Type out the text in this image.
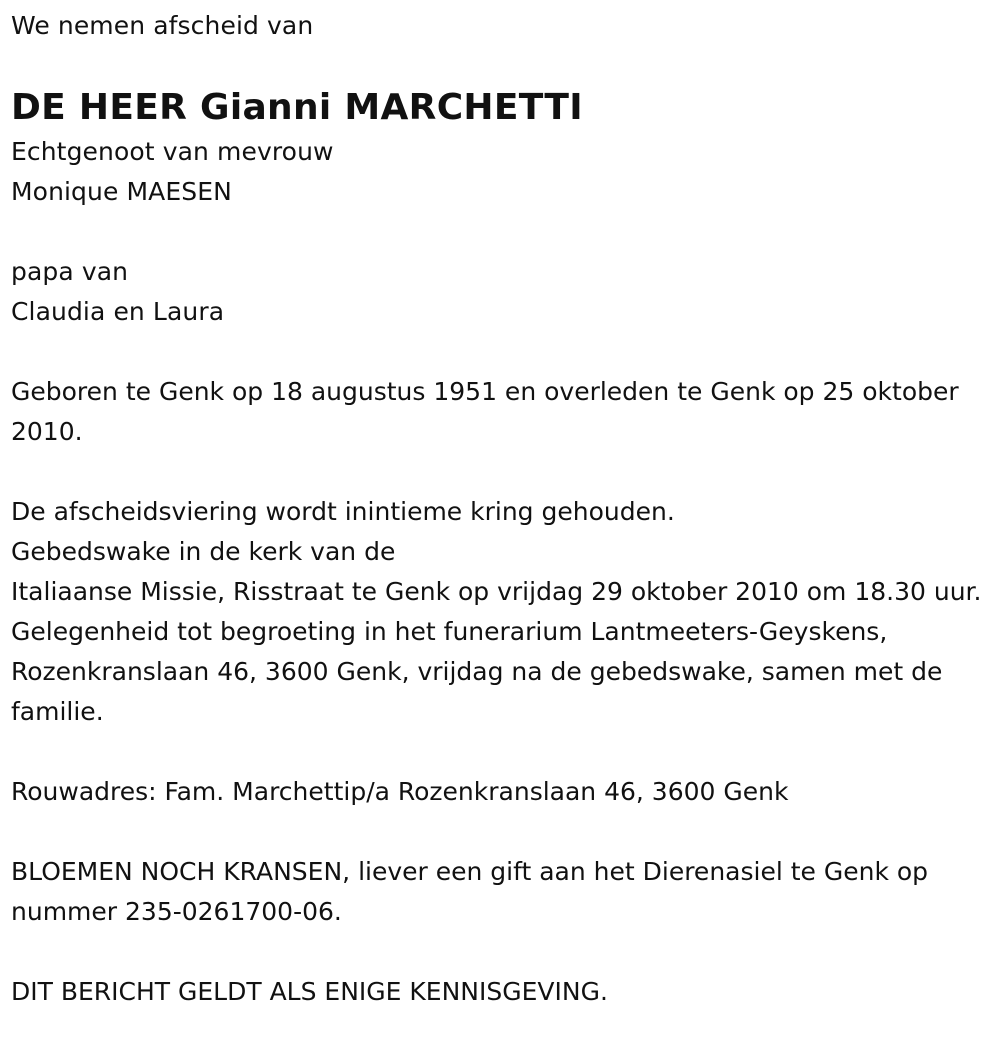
We nemen afscheid van
DE HEER Gianni MARCHETTI
Echtgenoot van mevrouw
Monique MAESEN
papa van
Claudia en Laura

Geboren te Genk op 18 augustus 1951 en overleden te Genk op 25 oktober 2010.

De afscheidsviering wordt inintieme kring gehouden.

Gebedswake in de kerk van de

Italiaanse Missie, Risstraat te Genk op vrijdag 29 oktober 2010 om 18.30 uur.

Gelegenheid tot begroeting in het funerarium Lantmeeters-Geyskens, Rozenkranslaan 46, 3600 Genk, vrijdag na de gebedswake, samen met de familie.

Rouwadres: Fam. Marchettip/a Rozenkranslaan 46, 3600 Genk

BLOEMEN NOCH KRANSEN, liever een gift aan het Dierenasiel te Genk op nummer 235-0261700-06.

DIT BERICHT GELDT ALS ENIGE KENNISGEVING.
